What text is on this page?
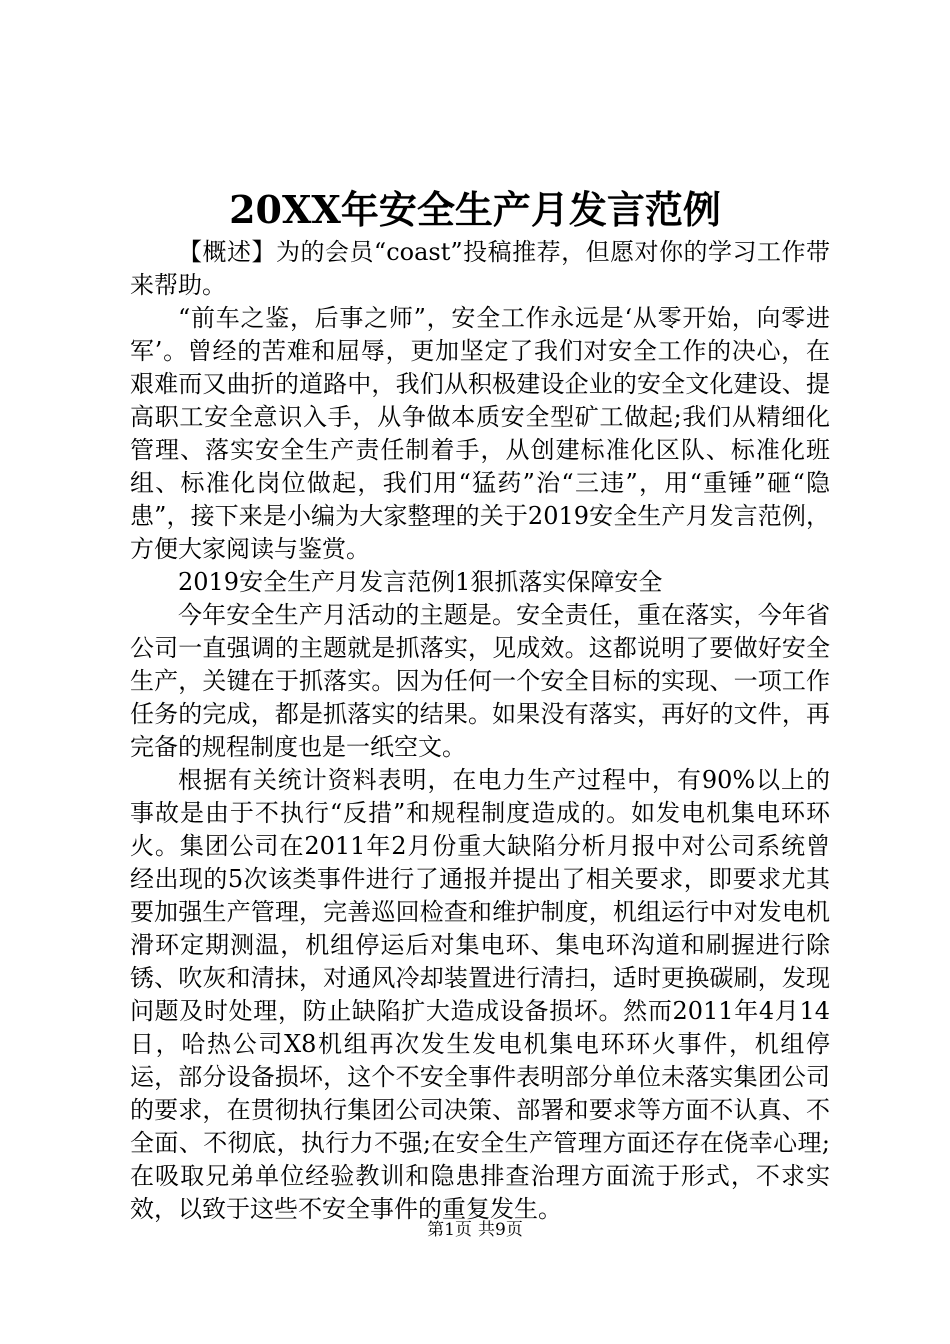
20XX年安全生产月发言范例

【概述】为的会员“coast”投稿推荐，但愿对你的学习工作带来帮助。

“前车之鉴，后事之师”，安全工作永远是‘从零开始，向零进军’。曾经的苦难和屈辱，更加坚定了我们对安全工作的决心，在艰难而又曲折的道路中，我们从积极建设企业的安全文化建设、提高职工安全意识入手，从争做本质安全型矿工做起;我们从精细化管理、落实安全生产责任制着手，从创建标准化区队、标准化班组、标准化岗位做起，我们用“猛药”治“三违”，用“重锤”砸“隐患”，接下来是小编为大家整理的关于2019安全生产月发言范例，方便大家阅读与鉴赏。

2019安全生产月发言范例1狠抓落实保障安全

今年安全生产月活动的主题是。安全责任，重在落实，今年省公司一直强调的主题就是抓落实，见成效。这都说明了要做好安全生产，关键在于抓落实。因为任何一个安全目标的实现、一项工作任务的完成，都是抓落实的结果。如果没有落实，再好的文件，再完备的规程制度也是一纸空文。

根据有关统计资料表明，在电力生产过程中，有90%以上的事故是由于不执行“反措”和规程制度造成的。如发电机集电环环火。集团公司在2011年2月份重大缺陷分析月报中对公司系统曾经出现的5次该类事件进行了通报并提出了相关要求，即要求尤其要加强生产管理，完善巡回检查和维护制度，机组运行中对发电机滑环定期测温，机组停运后对集电环、集电环沟道和刷握进行除锈、吹灰和清抹，对通风冷却装置进行清扫，适时更换碳刷，发现问题及时处理，防止缺陷扩大造成设备损坏。然而2011年4月14日，哈热公司X8机组再次发生发电机集电环环火事件，机组停运，部分设备损坏，这个不安全事件表明部分单位未落实集团公司的要求，在贯彻执行集团公司决策、部署和要求等方面不认真、不全面、不彻底，执行力不强;在安全生产管理方面还存在侥幸心理;在吸取兄弟单位经验教训和隐患排查治理方面流于形式，不求实效，以致于这些不安全事件的重复发生。

第1页 共9页
